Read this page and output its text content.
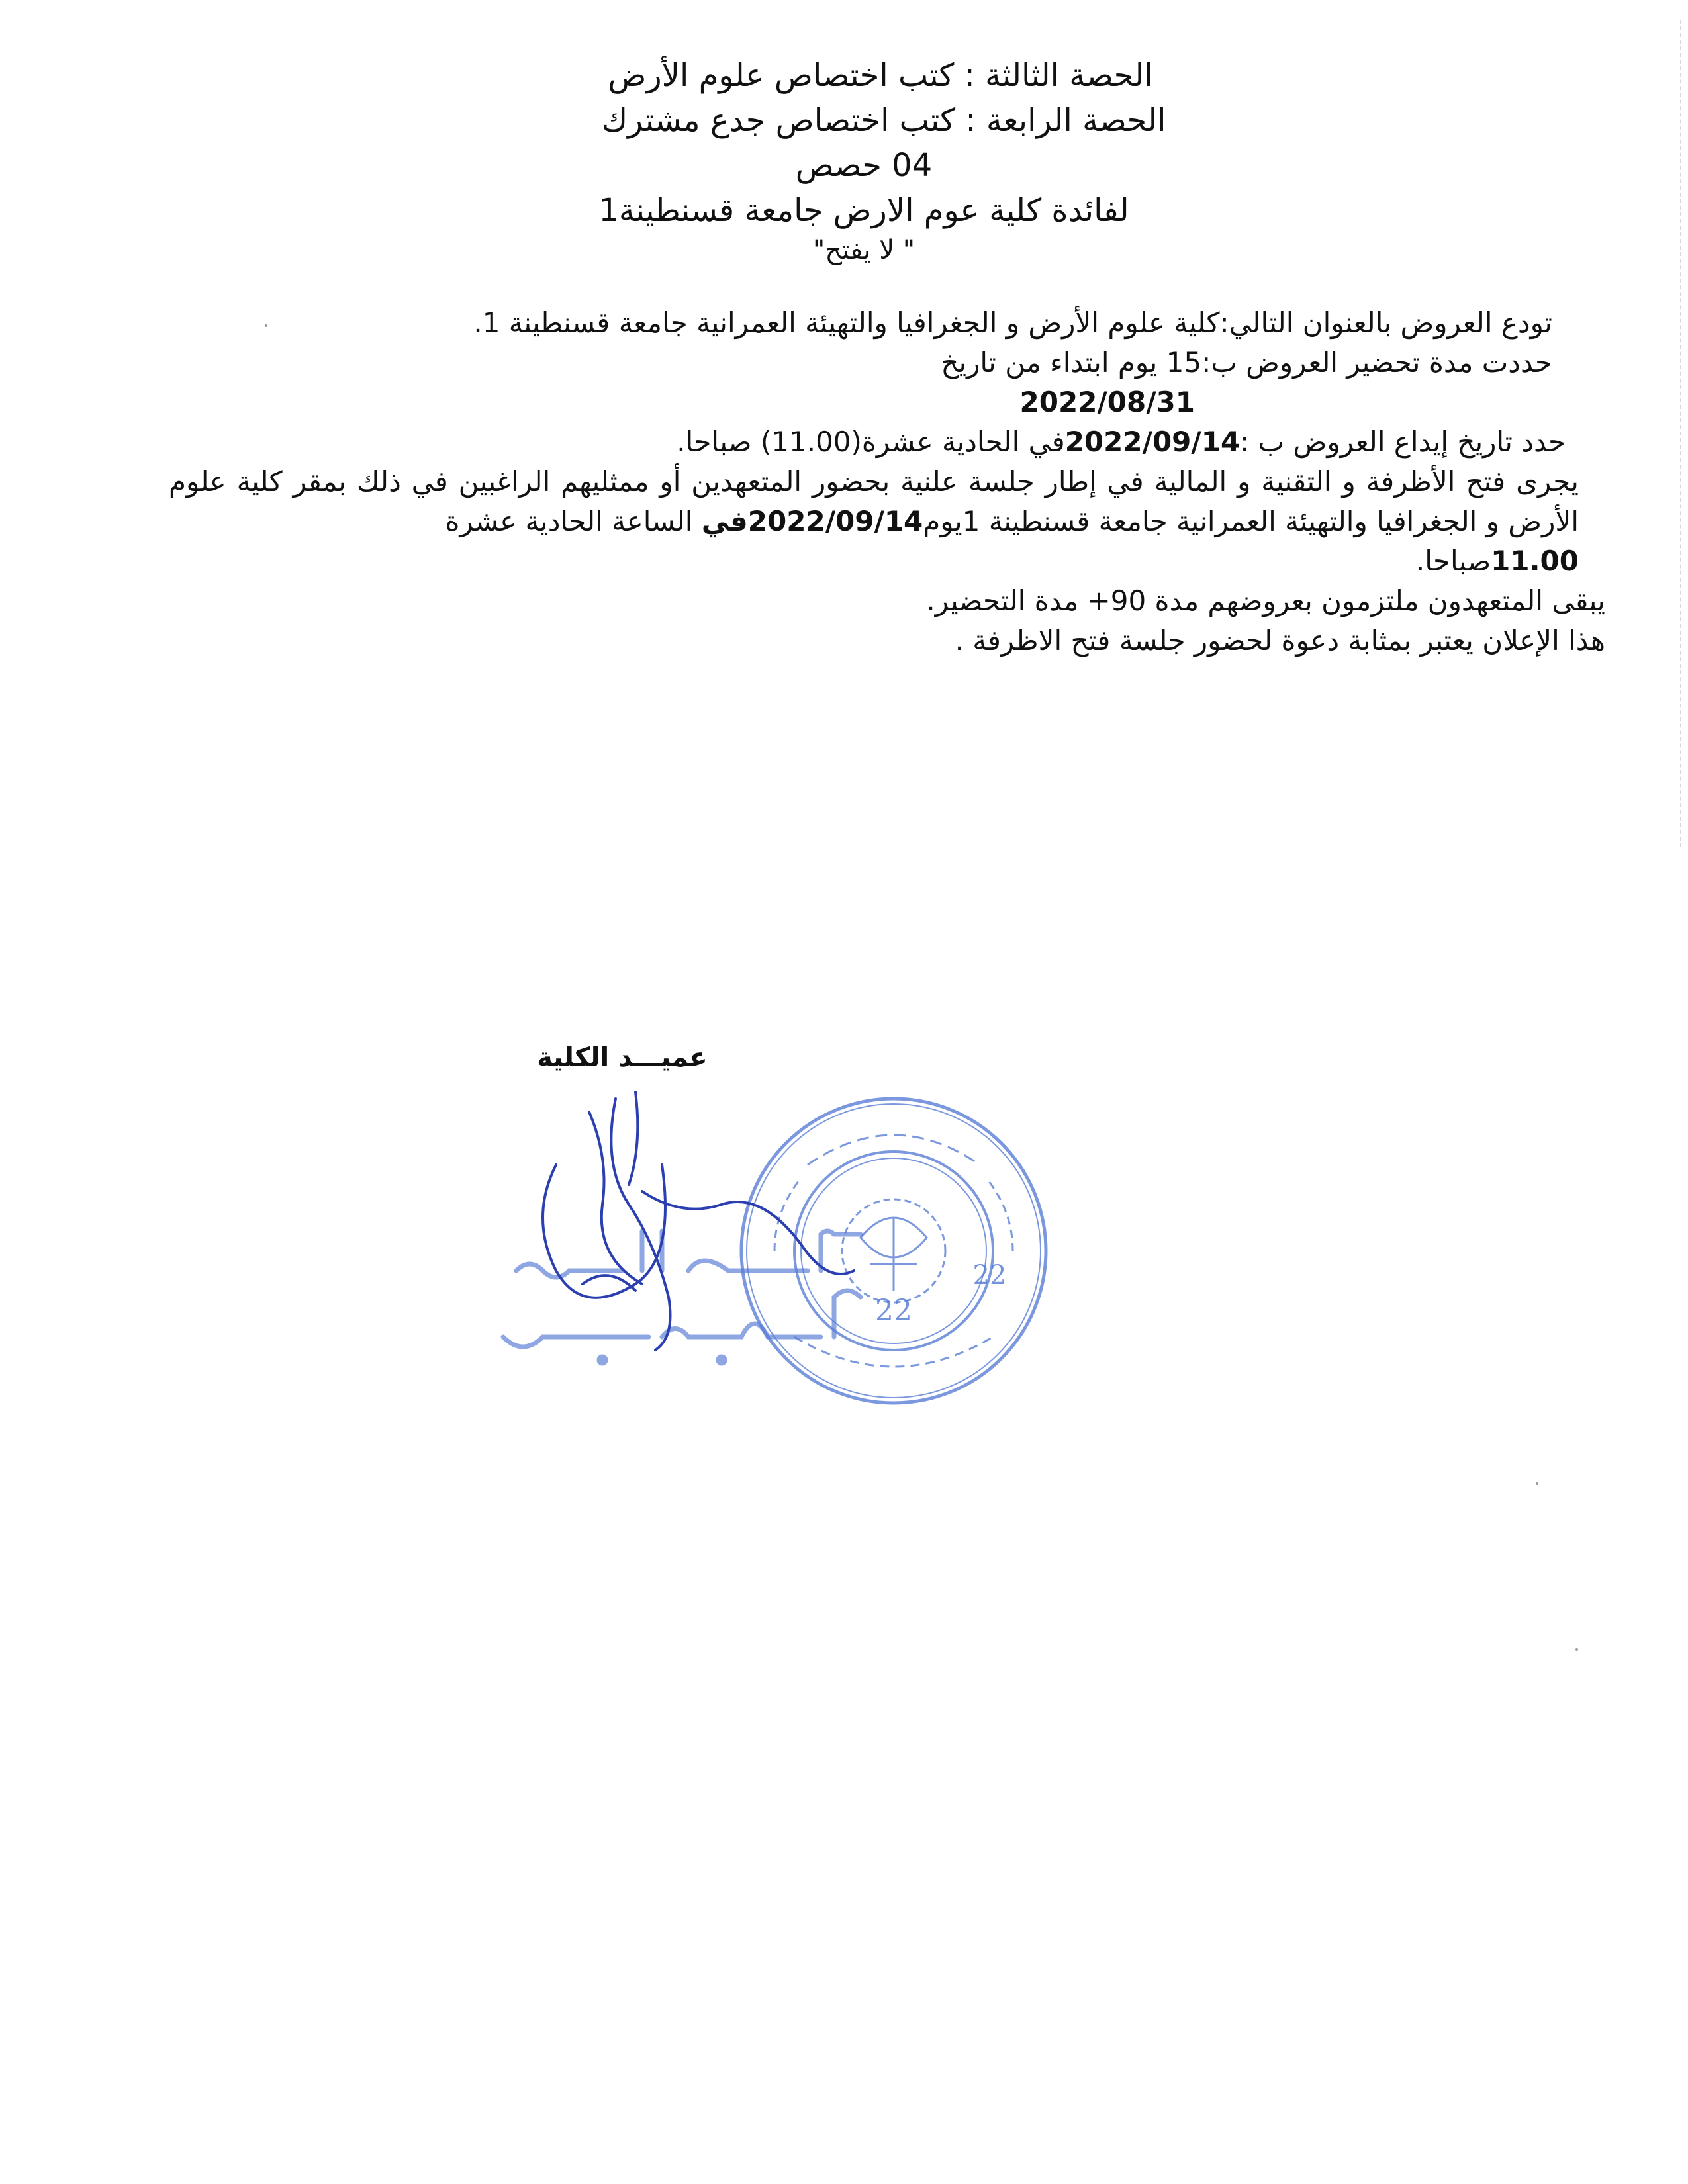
الحصة الثالثة : كتب اختصاص علوم الأرض
الحصة الرابعة : كتب اختصاص جدع مشترك
04 حصص
لفائدة كلية عوم الارض جامعة قسنطينة1
" لا يفتح"
تودع العروض بالعنوان التالي:كلية علوم الأرض و الجغرافيا والتهيئة العمرانية جامعة قسنطينة 1.
حددت مدة تحضير العروض ب:15 يوم ابتداء من تاريخ
2022/08/31
حدد تاريخ إيداع العروض ب :2022/09/14في الحادية عشرة(11.00) صباحا.
يجرى فتح الأظرفة و التقنية و المالية في إطار جلسة علنية بحضور المتعهدين أو ممثليهم الراغبين في ذلك بمقر كلية علوم الأرض و الجغرافيا والتهيئة العمرانية جامعة قسنطينة 1يوم2022/09/14في الساعة الحادية عشرة
11.00صباحا.
يبقى المتعهدون ملتزمون بعروضهم مدة 90+ مدة التحضير.
هذا الإعلان يعتبر بمثابة دعوة لحضور جلسة فتح الاظرفة .
عميـــد الكلية
22
22
